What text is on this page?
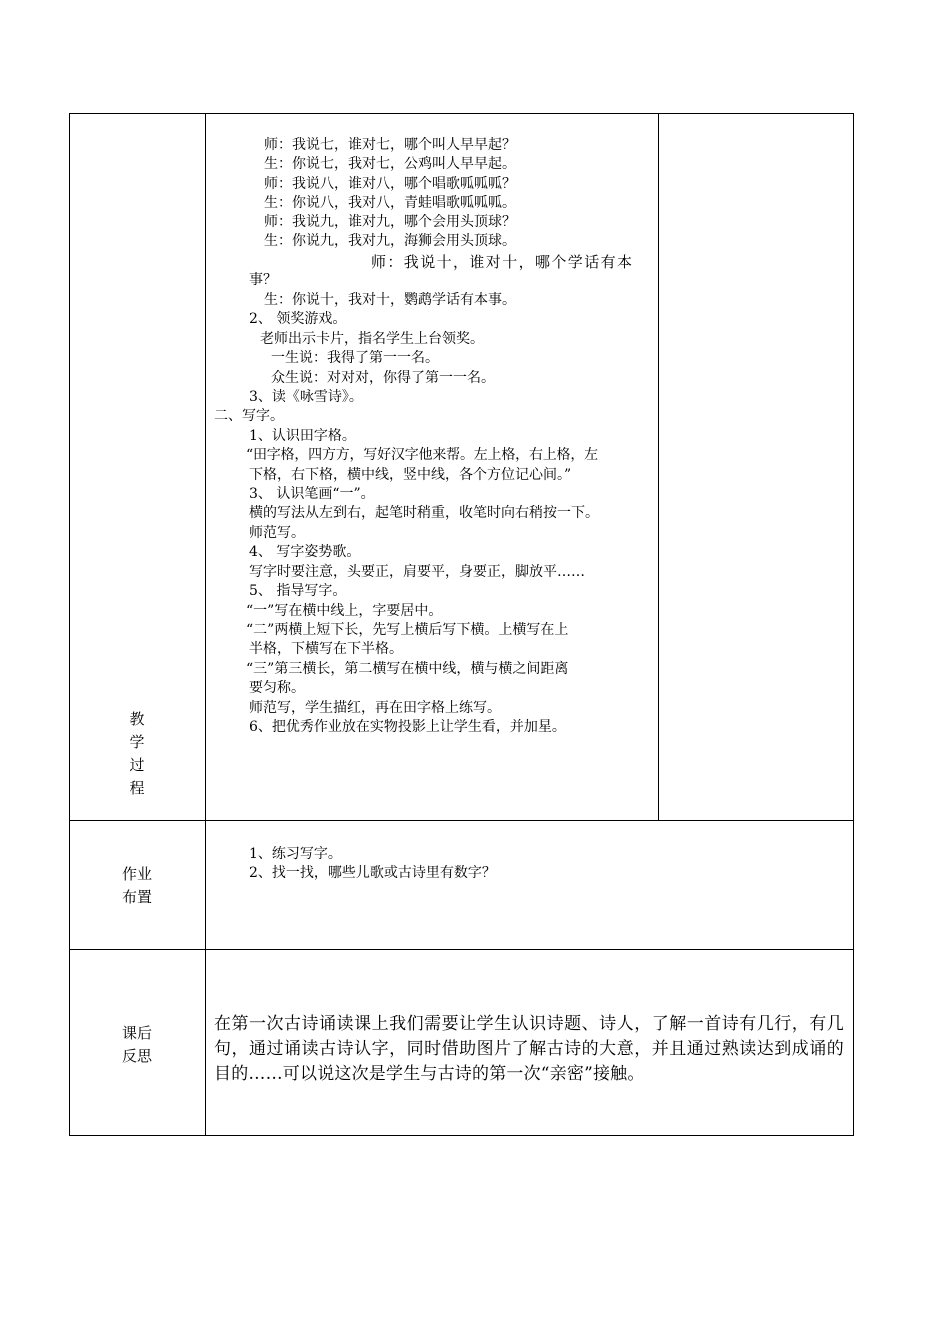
教
学
过
程
作业
布置
课后
反思
师：我说七，谁对七，哪个叫人早早起？
生：你说七，我对七，公鸡叫人早早起。
师：我说八，谁对八，哪个唱歌呱呱呱？
生：你说八，我对八，青蛙唱歌呱呱呱。
师：我说九，谁对九，哪个会用头顶球？
生：你说九，我对九，海狮会用头顶球。
师：我说十，谁对十，哪个学话有本
事？
生：你说十，我对十，鹦鹉学话有本事。
2、 领奖游戏。
老师出示卡片，指名学生上台领奖。
一生说：我得了第一一名。
众生说：对对对，你得了第一一名。
3、读《咏雪诗》。
二、写字。
1、认识田字格。
“田字格，四方方，写好汉字他来帮。左上格，右上格，左
下格，右下格，横中线，竖中线，各个方位记心间。”
3、 认识笔画“一”。
横的写法从左到右，起笔时稍重，收笔时向右稍按一下。
师范写。
4、 写字姿势歌。
写字时要注意，头要正，肩要平，身要正，脚放平……
5、 指导写字。
“一”写在横中线上，字要居中。
“二”两横上短下长，先写上横后写下横。上横写在上
半格，下横写在下半格。
“三”第三横长，第二横写在横中线，横与横之间距离
要匀称。
师范写，学生描红，再在田字格上练写。
6、把优秀作业放在实物投影上让学生看，并加星。
1、练习写字。
2、找一找，哪些儿歌或古诗里有数字？
在第一次古诗诵读课上我们需要让学生认识诗题、诗人，了解一首诗有几行，有几句，通过诵读古诗认字，同时借助图片了解古诗的大意，并且通过熟读达到成诵的目的……可以说这次是学生与古诗的第一次“亲密”接触。
